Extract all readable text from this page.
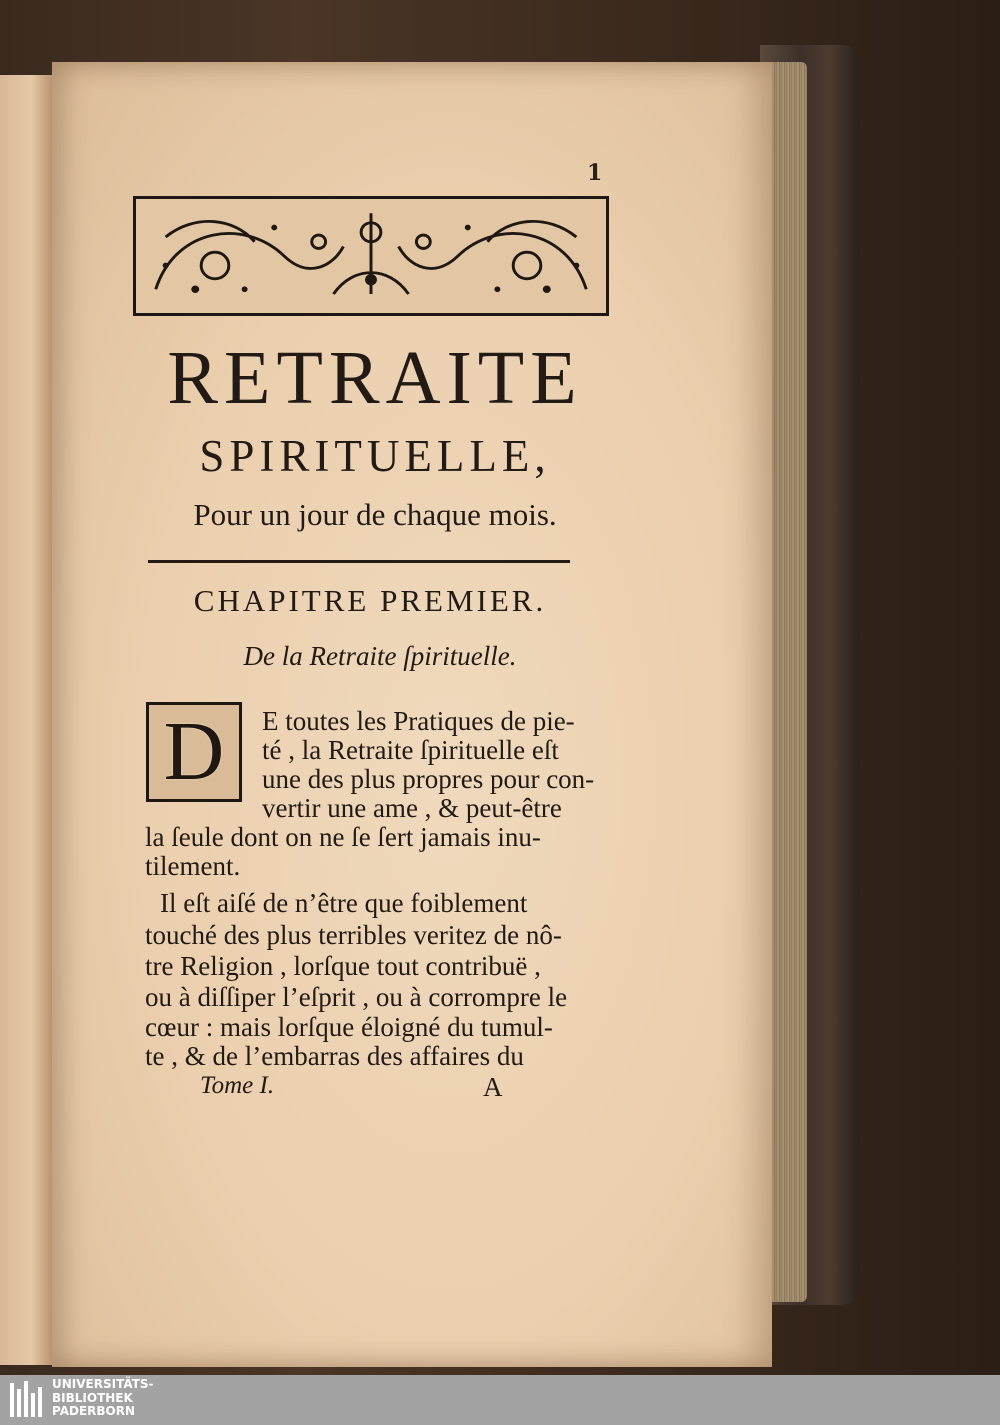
1
RETRAITE
SPIRITUELLE,
Pour un jour de chaque mois.
CHAPITRE PREMIER.
De la Retraite ſpirituelle.
D E toutes les Pratiques de pie-
té , la Retraite ſpirituelle eſt
une des plus propres pour con-
vertir une ame , & peut-être
la ſeule dont on ne ſe ſert jamais inu-
tilement.
Il eſt aiſé de n’être que foiblement
touché des plus terribles veritez de nô-
tre Religion , lorſque tout contribuë ,
ou à diſſiper l’eſprit , ou à corrompre le
cœur : mais lorſque éloigné du tumul-
te , & de l’embarras des affaires du
Tome I.	A
UNIVERSITÄTS-
BIBLIOTHEK
PADERBORN
